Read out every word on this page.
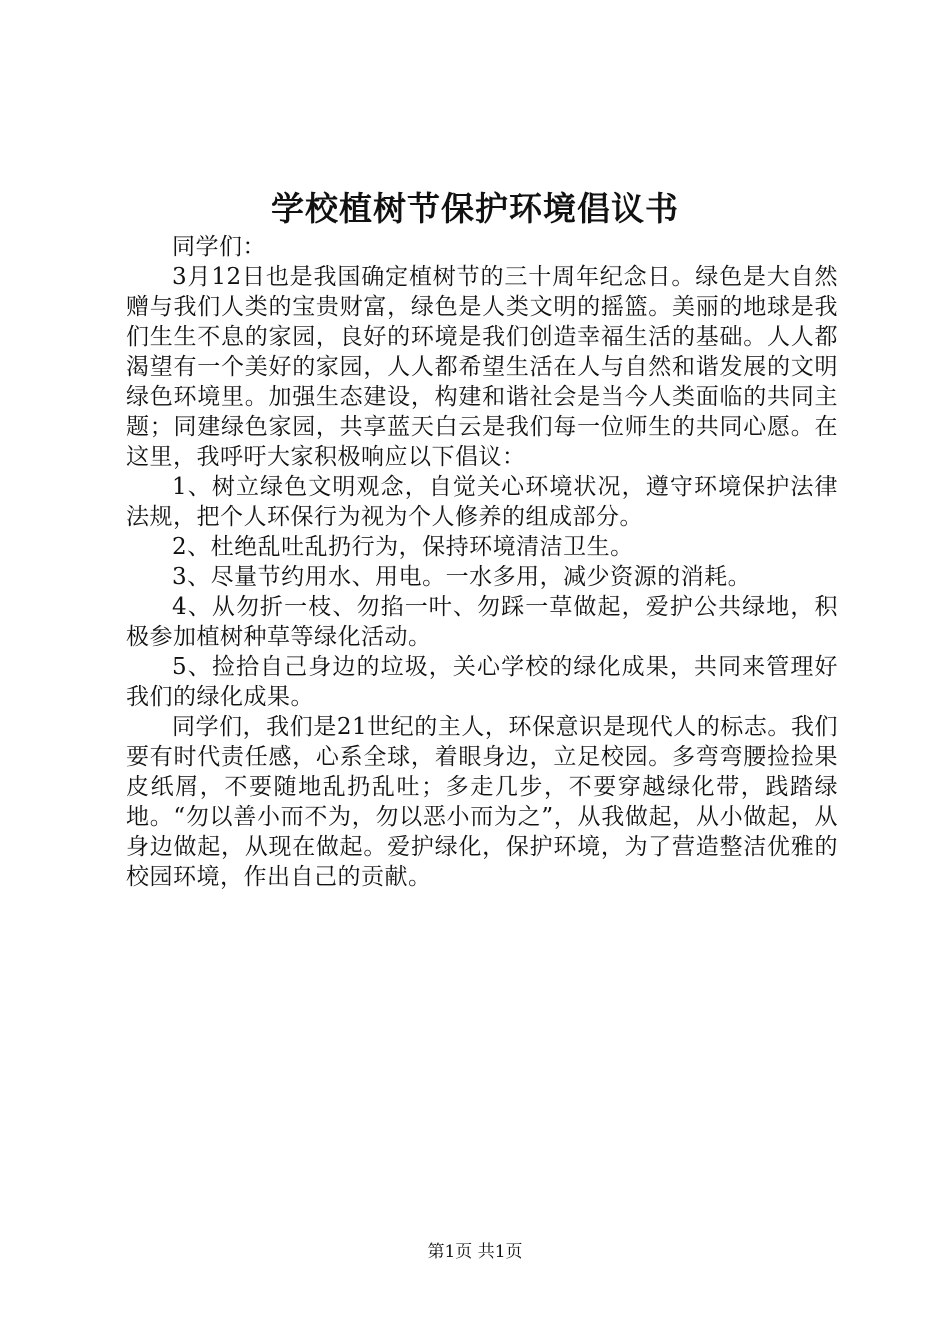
学校植树节保护环境倡议书

同学们：

3月12日也是我国确定植树节的三十周年纪念日。绿色是大自然赠与我们人类的宝贵财富，绿色是人类文明的摇篮。美丽的地球是我们生生不息的家园，良好的环境是我们创造幸福生活的基础。人人都渴望有一个美好的家园，人人都希望生活在人与自然和谐发展的文明绿色环境里。加强生态建设，构建和谐社会是当今人类面临的共同主题；同建绿色家园，共享蓝天白云是我们每一位师生的共同心愿。在这里，我呼吁大家积极响应以下倡议：

1、树立绿色文明观念，自觉关心环境状况，遵守环境保护法律法规，把个人环保行为视为个人修养的组成部分。

2、杜绝乱吐乱扔行为，保持环境清洁卫生。

3、尽量节约用水、用电。一水多用，减少资源的消耗。

4、从勿折一枝、勿掐一叶、勿踩一草做起，爱护公共绿地，积极参加植树种草等绿化活动。

5、捡拾自己身边的垃圾，关心学校的绿化成果，共同来管理好我们的绿化成果。

同学们，我们是21世纪的主人，环保意识是现代人的标志。我们要有时代责任感，心系全球，着眼身边，立足校园。多弯弯腰捡捡果皮纸屑，不要随地乱扔乱吐；多走几步，不要穿越绿化带，践踏绿地。“勿以善小而不为，勿以恶小而为之”，从我做起，从小做起，从身边做起，从现在做起。爱护绿化，保护环境，为了营造整洁优雅的校园环境，作出自己的贡献。

第1页 共1页
